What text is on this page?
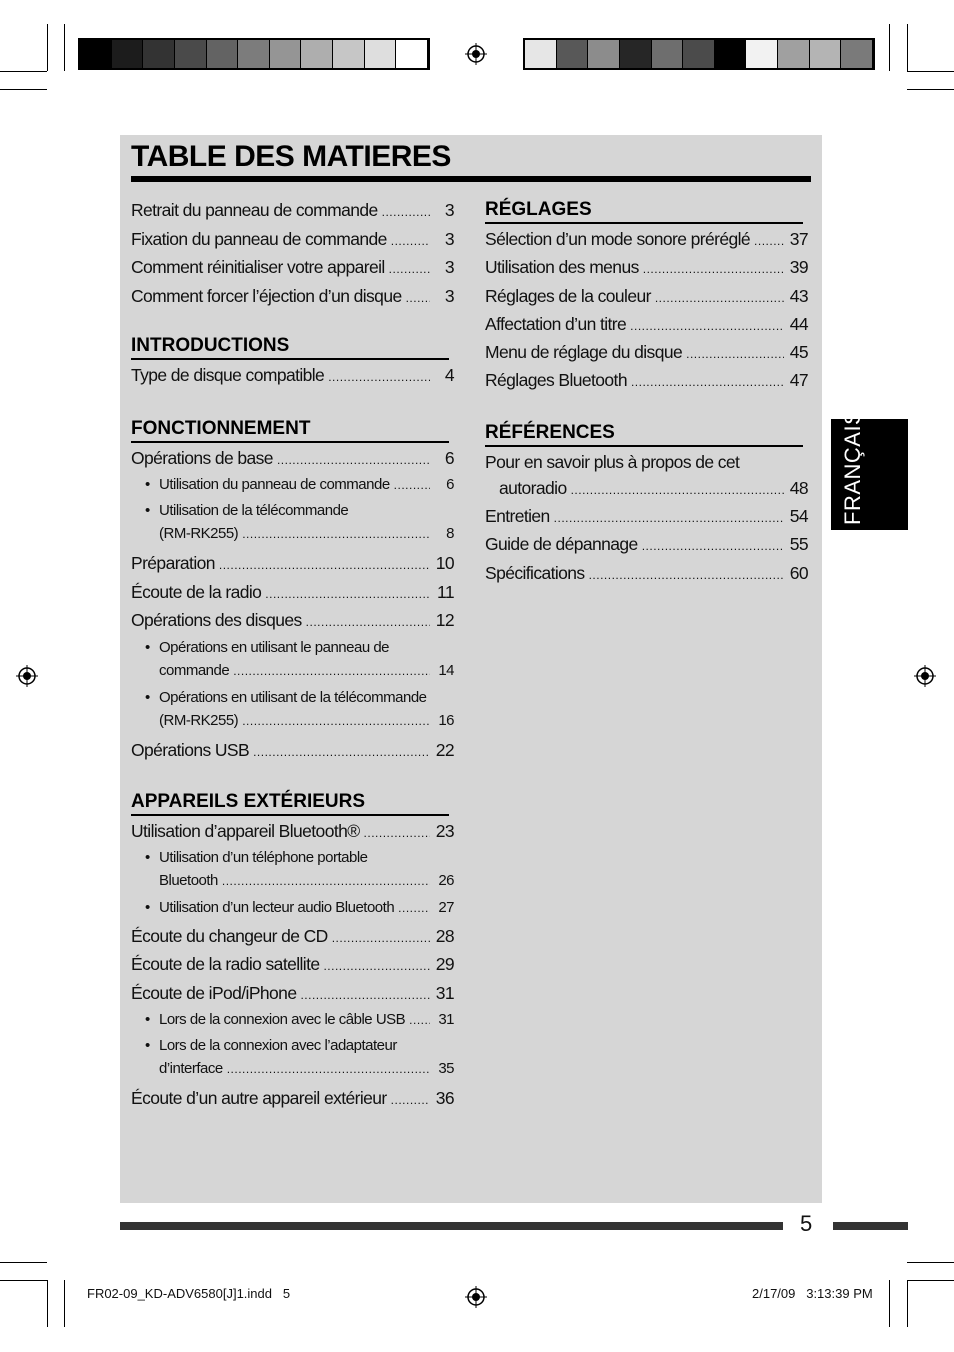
TABLE DES MATIERES
Retrait du panneau de commande .....	3
Fixation du panneau de commande .....	3
Comment réinitialiser votre appareil .....	3
Comment forcer l’éjection d’un disque .....	3
INTRODUCTIONS
Type de disque compatible .....	4
FONCTIONNEMENT
Opérations de base .....	6
• Utilisation du panneau de commande .....	6
• Utilisation de la télécommande
(RM-RK255) .....	8
Préparation .....	10
Écoute de la radio .....	11
Opérations des disques .....	12
• Opérations en utilisant le panneau de
commande .....	14
• Opérations en utilisant de la télécommande
(RM-RK255) .....	16
Opérations USB .....	22
APPAREILS EXTÉRIEURS
Utilisation d’appareil Bluetooth® .....	23
• Utilisation d’un téléphone portable
Bluetooth .....	26
• Utilisation d’un lecteur audio Bluetooth .....	27
Écoute du changeur de CD .....	28
Écoute de la radio satellite .....	29
Écoute de iPod/iPhone .....	31
• Lors de la connexion avec le câble USB ..... 31
• Lors de la connexion avec l’adaptateur
d’interface .....	35
Écoute d’un autre appareil extérieur .....	36
RÉGLAGES
Sélection d’un mode sonore préréglé ..... 37
Utilisation des menus .....	39
Réglages de la couleur .....	43
Affectation d’un titre .....	44
Menu de réglage du disque .....	45
Réglages Bluetooth .....	47
RÉFÉRENCES
Pour en savoir plus à propos de cet
autoradio .....	48
Entretien .....	54
Guide de dépannage .....	55
Spécifications .....	60
FRANÇAIS
5
FR02-09_KD-ADV6580[J]1.indd   5	2/17/09   3:13:39 PM
